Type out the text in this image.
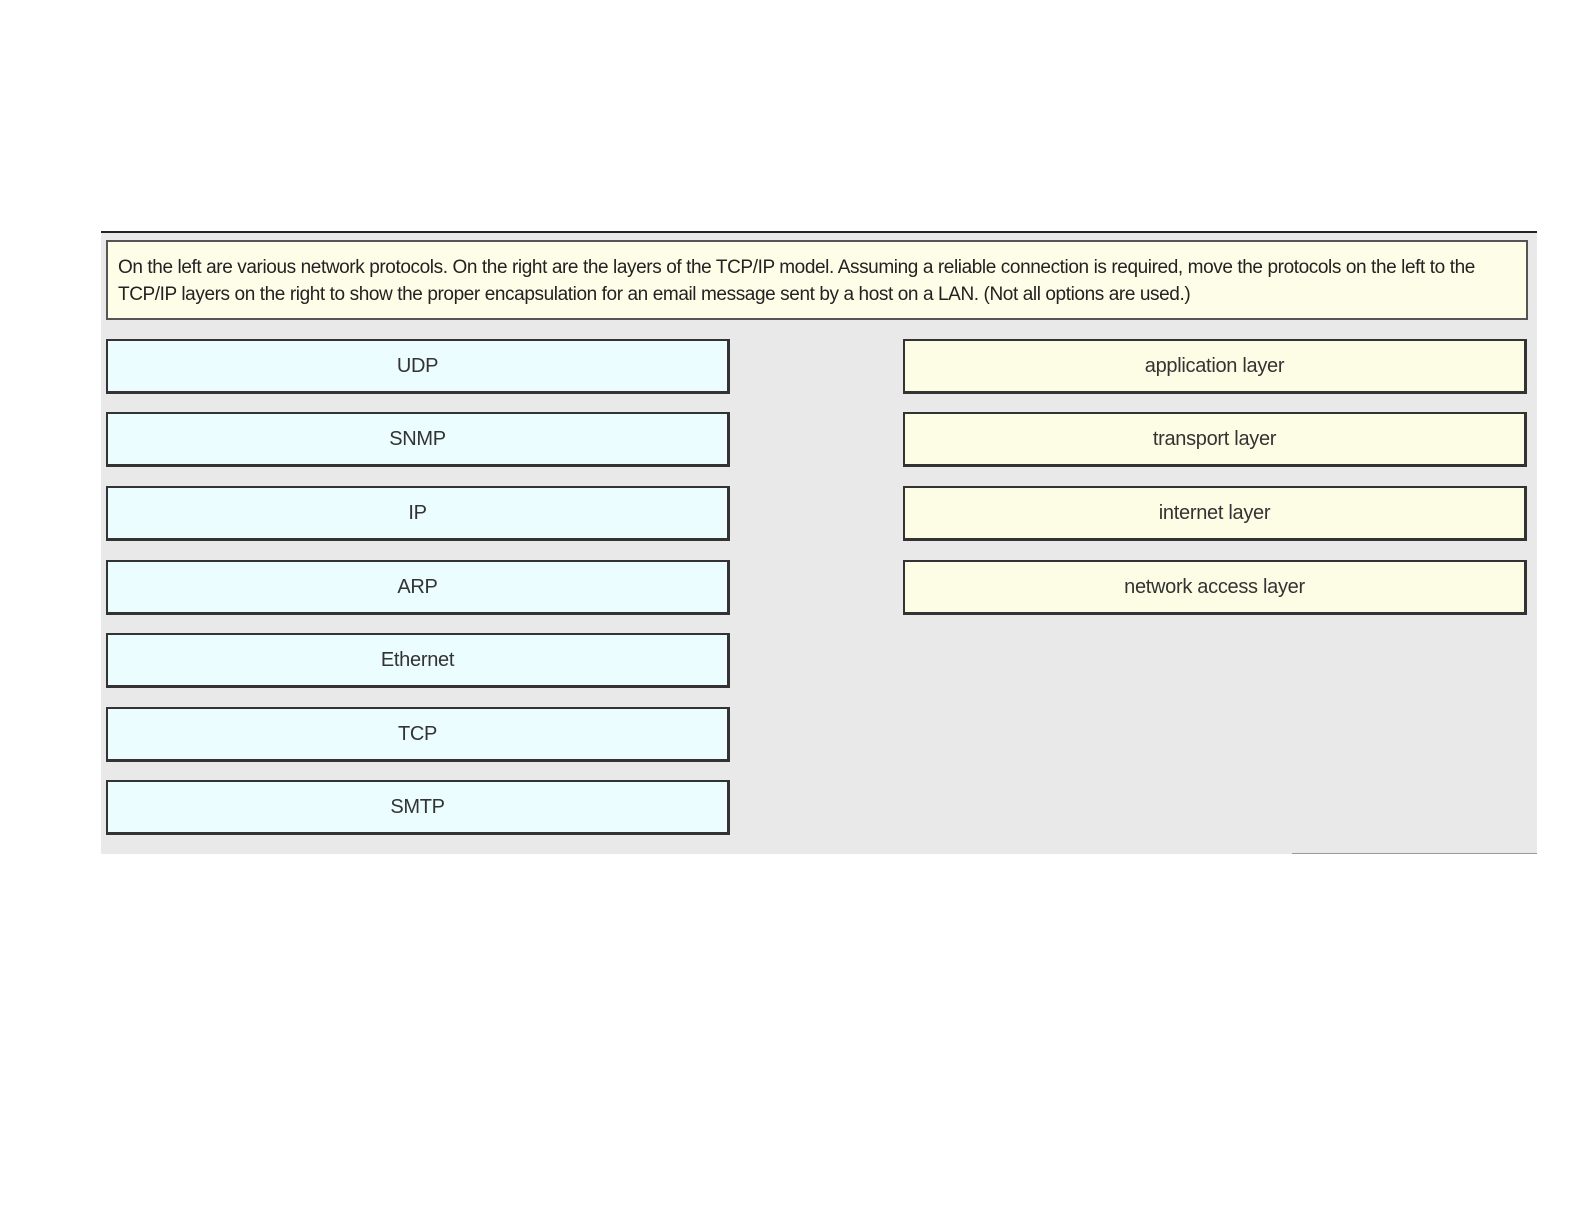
On the left are various network protocols. On the right are the layers of the TCP/IP model. Assuming a reliable connection is required, move the protocols on the left to the TCP/IP layers on the right to show the proper encapsulation for an email message sent by a host on a LAN. (Not all options are used.)
UDP
SNMP
IP
ARP
Ethernet
TCP
SMTP
application layer
transport layer
internet layer
network access layer
